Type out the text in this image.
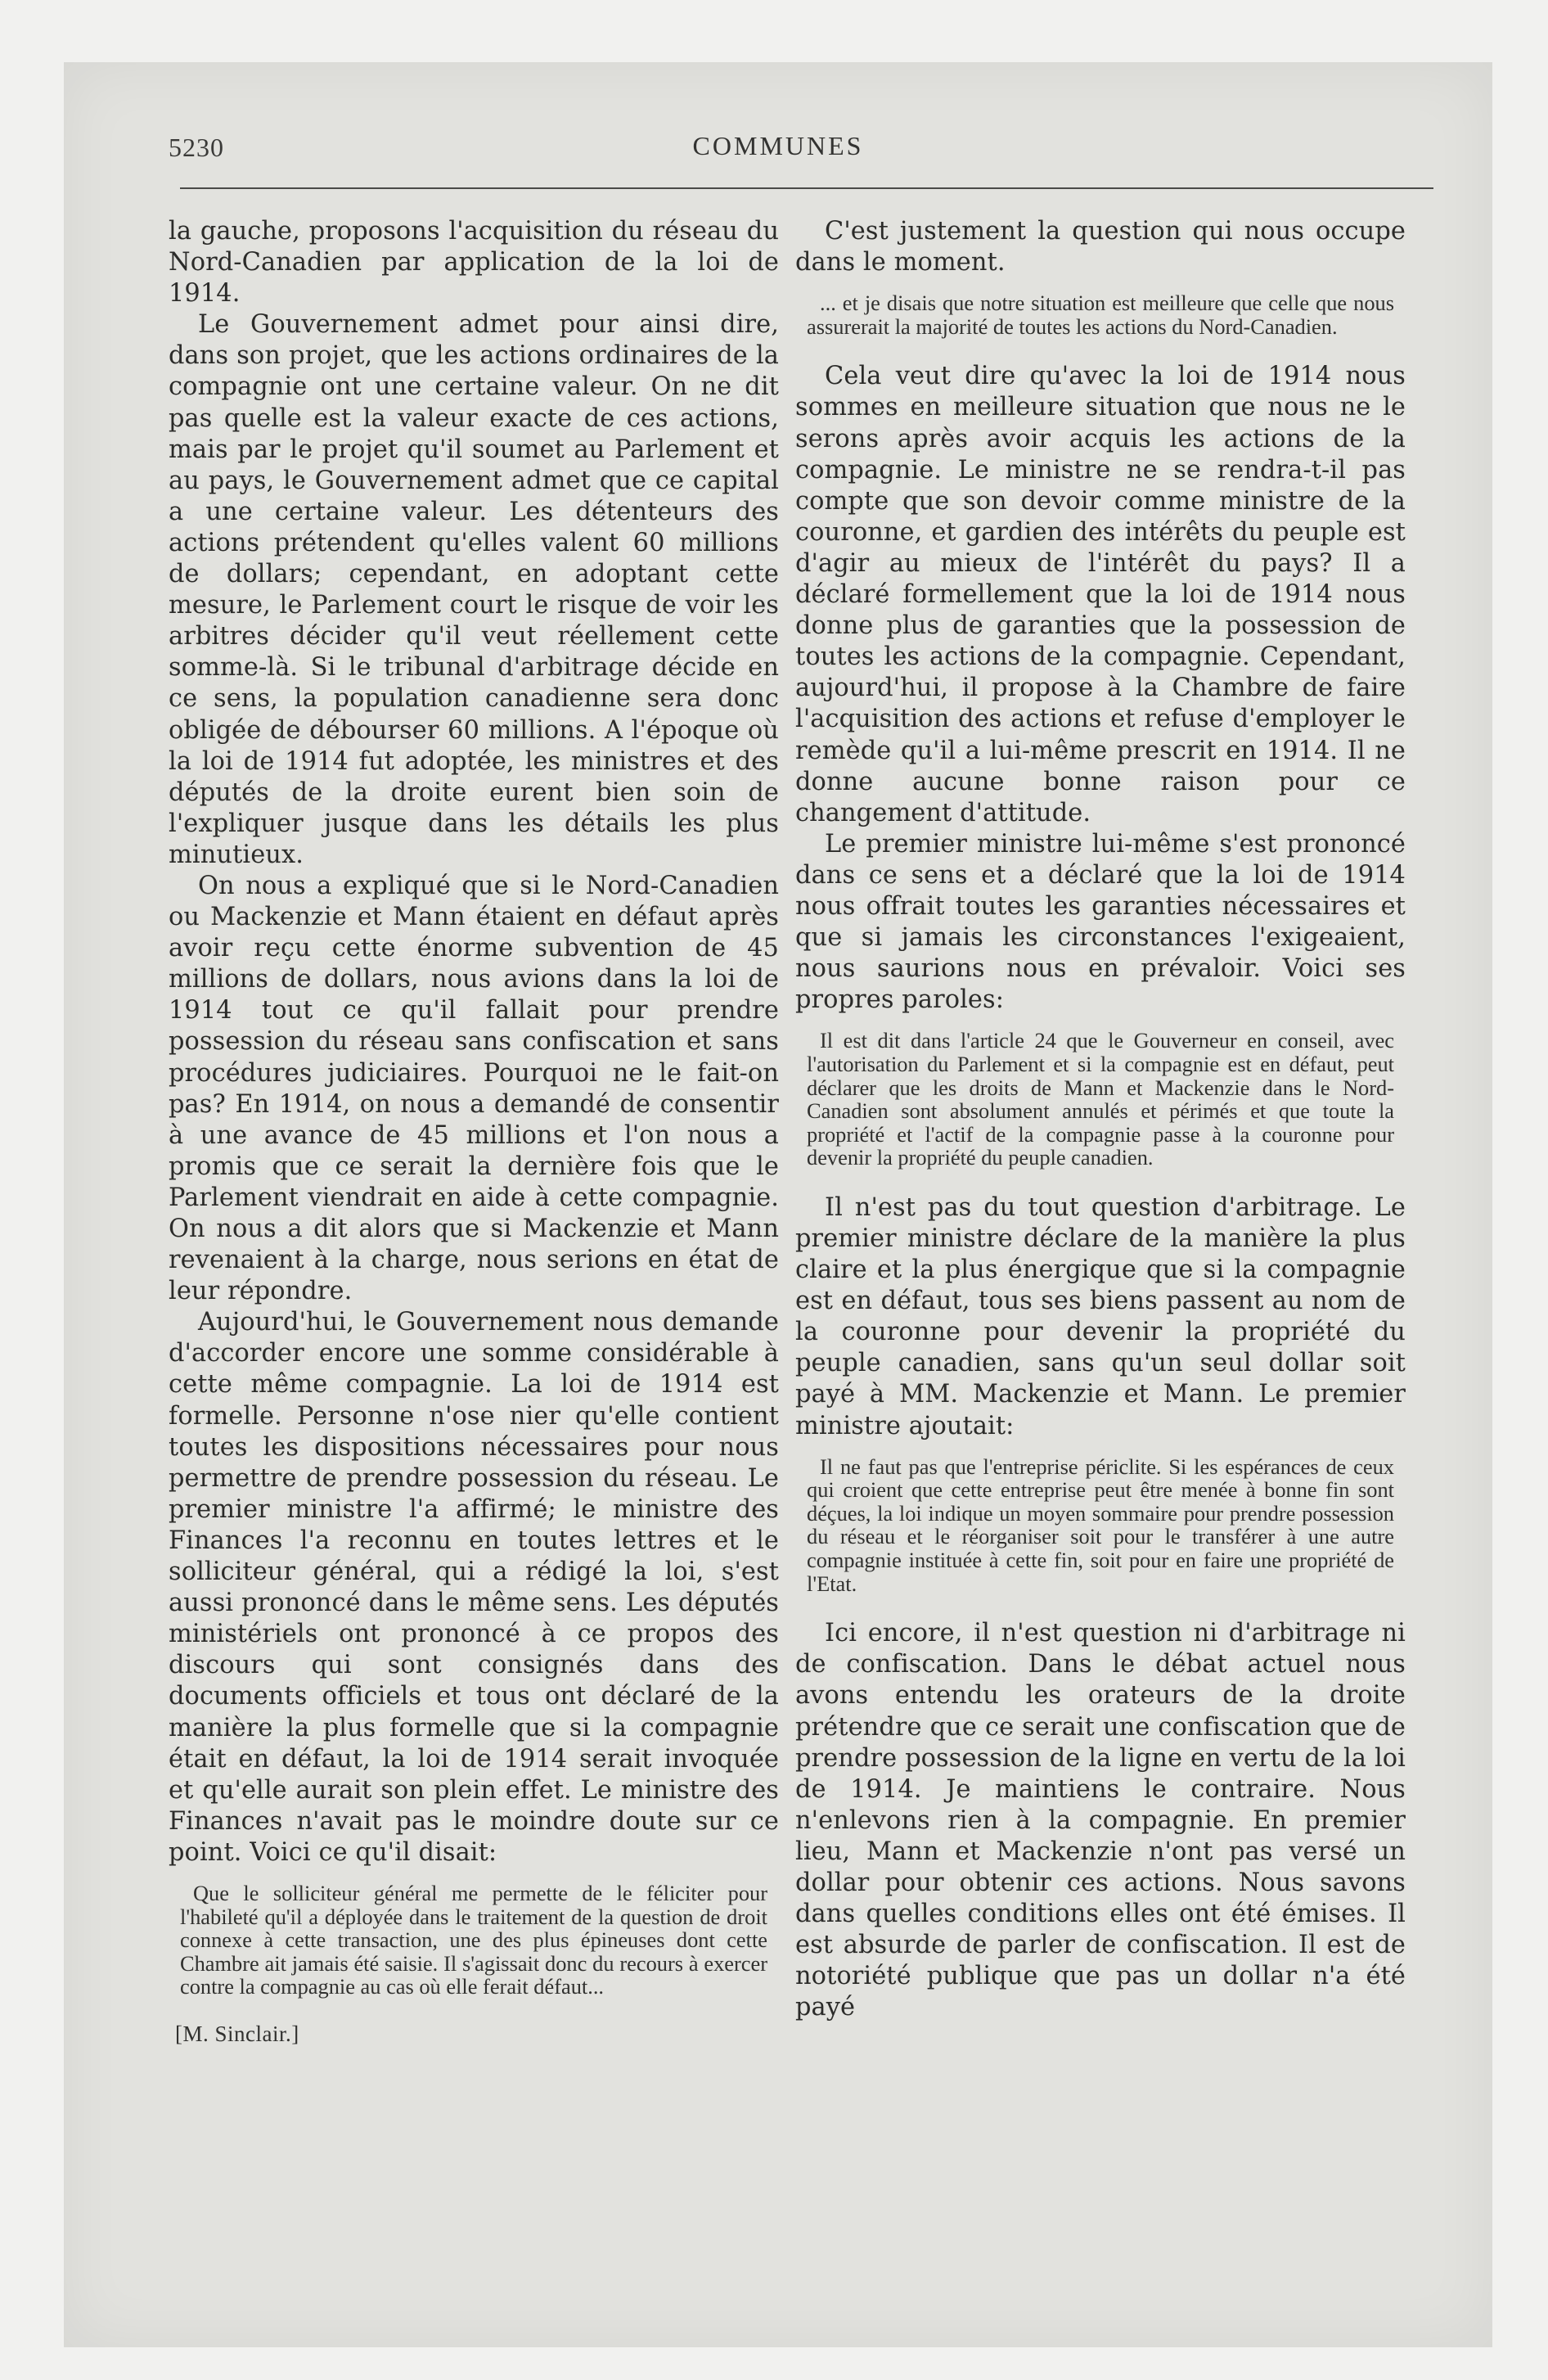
5230	COMMUNES

la gauche, proposons l'acquisition du réseau du Nord-Canadien par application de la loi de 1914.

Le Gouvernement admet pour ainsi dire, dans son projet, que les actions ordinaires de la compagnie ont une certaine valeur. On ne dit pas quelle est la valeur exacte de ces actions, mais par le projet qu'il soumet au Parlement et au pays, le Gouvernement admet que ce capital a une certaine valeur. Les détenteurs des actions prétendent qu'elles valent 60 millions de dollars; cependant, en adoptant cette mesure, le Parlement court le risque de voir les arbitres décider qu'il veut réellement cette somme-là. Si le tribunal d'arbitrage décide en ce sens, la population canadienne sera donc obligée de débourser 60 millions. A l'époque où la loi de 1914 fut adoptée, les ministres et des députés de la droite eurent bien soin de l'expliquer jusque dans les détails les plus minutieux.

On nous a expliqué que si le Nord-Canadien ou Mackenzie et Mann étaient en défaut après avoir reçu cette énorme subvention de 45 millions de dollars, nous avions dans la loi de 1914 tout ce qu'il fallait pour prendre possession du réseau sans confiscation et sans procédures judiciaires. Pourquoi ne le fait-on pas? En 1914, on nous a demandé de consentir à une avance de 45 millions et l'on nous a promis que ce serait la dernière fois que le Parlement viendrait en aide à cette compagnie. On nous a dit alors que si Mackenzie et Mann revenaient à la charge, nous serions en état de leur répondre.

Aujourd'hui, le Gouvernement nous demande d'accorder encore une somme considérable à cette même compagnie. La loi de 1914 est formelle. Personne n'ose nier qu'elle contient toutes les dispositions nécessaires pour nous permettre de prendre possession du réseau. Le premier ministre l'a affirmé; le ministre des Finances l'a reconnu en toutes lettres et le solliciteur général, qui a rédigé la loi, s'est aussi prononcé dans le même sens. Les députés ministériels ont prononcé à ce propos des discours qui sont consignés dans des documents officiels et tous ont déclaré de la manière la plus formelle que si la compagnie était en défaut, la loi de 1914 serait invoquée et qu'elle aurait son plein effet. Le ministre des Finances n'avait pas le moindre doute sur ce point. Voici ce qu'il disait:

Que le solliciteur général me permette de le féliciter pour l'habileté qu'il a déployée dans le traitement de la question de droit connexe à cette transaction, une des plus épineuses dont cette Chambre ait jamais été saisie. Il s'agissait donc du recours à exercer contre la compagnie au cas où elle ferait défaut...

[M. Sinclair.]

C'est justement la question qui nous occupe dans le moment.

... et je disais que notre situation est meilleure que celle que nous assurerait la majorité de toutes les actions du Nord-Canadien.

Cela veut dire qu'avec la loi de 1914 nous sommes en meilleure situation que nous ne le serons après avoir acquis les actions de la compagnie. Le ministre ne se rendra-t-il pas compte que son devoir comme ministre de la couronne, et gardien des intérêts du peuple est d'agir au mieux de l'intérêt du pays? Il a déclaré formellement que la loi de 1914 nous donne plus de garanties que la possession de toutes les actions de la compagnie. Cependant, aujourd'hui, il propose à la Chambre de faire l'acquisition des actions et refuse d'employer le remède qu'il a lui-même prescrit en 1914. Il ne donne aucune bonne raison pour ce changement d'attitude.

Le premier ministre lui-même s'est prononcé dans ce sens et a déclaré que la loi de 1914 nous offrait toutes les garanties nécessaires et que si jamais les circonstances l'exigeaient, nous saurions nous en prévaloir. Voici ses propres paroles:

Il est dit dans l'article 24 que le Gouverneur en conseil, avec l'autorisation du Parlement et si la compagnie est en défaut, peut déclarer que les droits de Mann et Mackenzie dans le Nord-Canadien sont absolument annulés et périmés et que toute la propriété et l'actif de la compagnie passe à la couronne pour devenir la propriété du peuple canadien.

Il n'est pas du tout question d'arbitrage. Le premier ministre déclare de la manière la plus claire et la plus énergique que si la compagnie est en défaut, tous ses biens passent au nom de la couronne pour devenir la propriété du peuple canadien, sans qu'un seul dollar soit payé à MM. Mackenzie et Mann. Le premier ministre ajoutait:

Il ne faut pas que l'entreprise périclite. Si les espérances de ceux qui croient que cette entreprise peut être menée à bonne fin sont déçues, la loi indique un moyen sommaire pour prendre possession du réseau et le réorganiser soit pour le transférer à une autre compagnie instituée à cette fin, soit pour en faire une propriété de l'Etat.

Ici encore, il n'est question ni d'arbitrage ni de confiscation. Dans le débat actuel nous avons entendu les orateurs de la droite prétendre que ce serait une confiscation que de prendre possession de la ligne en vertu de la loi de 1914. Je maintiens le contraire. Nous n'enlevons rien à la compagnie. En premier lieu, Mann et Mackenzie n'ont pas versé un dollar pour obtenir ces actions. Nous savons dans quelles conditions elles ont été émises. Il est absurde de parler de confiscation. Il est de notoriété publique que pas un dollar n'a été payé
